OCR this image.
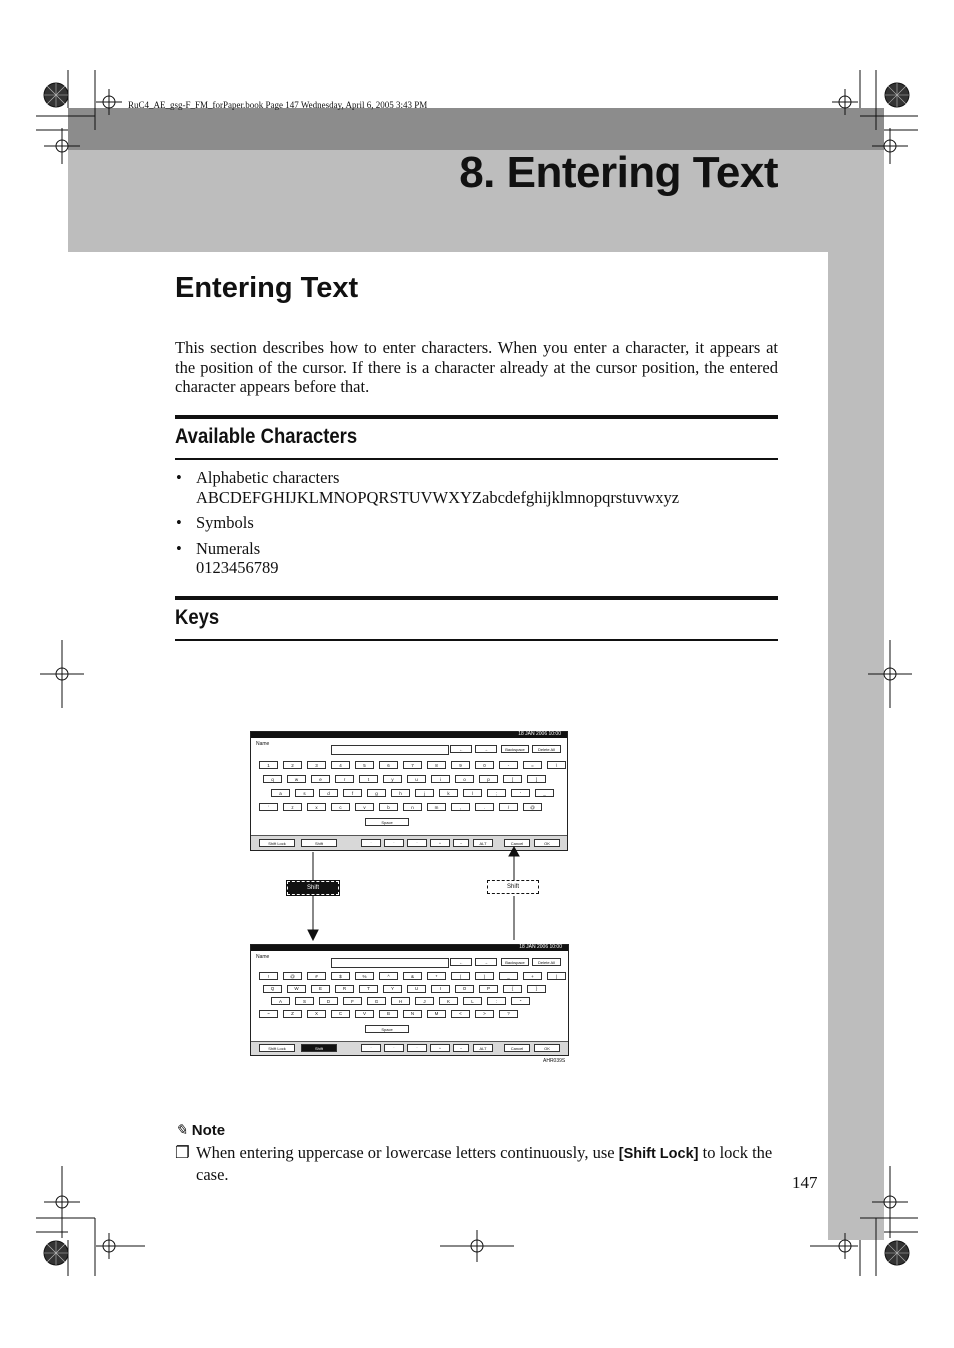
RuC4_AE_gsg-F_FM_forPaper.book Page 147 Wednesday, April 6, 2005 3:43 PM
8. Entering Text
Entering Text
This section describes how to enter characters. When you enter a character, it appears at the position of the cursor. If there is a character already at the cursor position, the entered character appears before that.
Available Characters
• Alphabetic characters
ABCDEFGHIJKLMNOPQRSTUVWXYZabcdefghijklmnopqrstuvwxyz
• Symbols
• Numerals
0123456789
Keys
18 JAN 2006 10:00
Name
←	→	Backspace	Delete All
Space
Shift Lock	Shift	`	´	¨	^	~	ALT	Cancel	OK
1	2	3	4	5	6	7	8	9	0	-	=	\
q	w	e	r	t	y	u	i	o	p	[	]
a	s	d	f	g	h	j	k	l	;	'	_
`	z	x	c	v	b	n	m	,	.	/	@
Shift	Shift
18 JAN 2006 10:00
Name
←	→	Backspace	Delete All
Space
Shift Lock	Shift	`	´	¨	^	~	ALT	Cancel	OK
!	@	#	$	%	^	&	*	(	)	_	+	|
Q	W	E	R	T	Y	U	I	O	P	{	}
A	S	D	F	G	H	J	K	L	:	"
~	Z	X	C	V	B	N	M	<	>	?
AHR039S
✎ Note
❐ When entering uppercase or lowercase letters continuously, use [Shift Lock] to lock the case.	147
